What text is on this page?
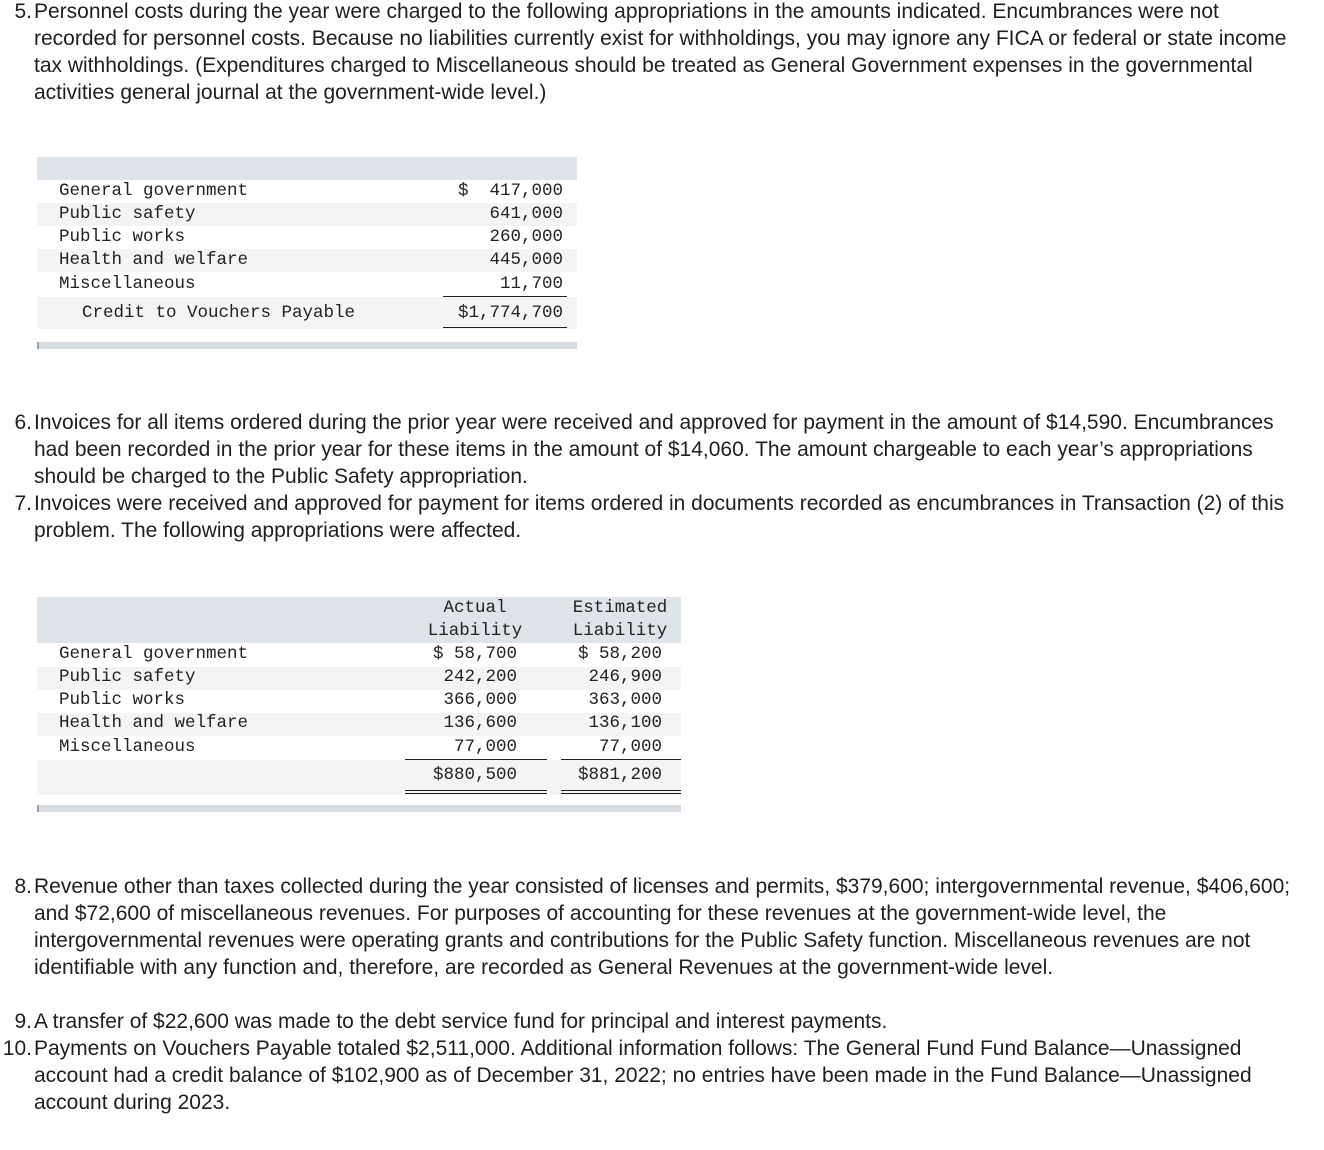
5. Personnel costs during the year were charged to the following appropriations in the amounts indicated. Encumbrances were not recorded for personnel costs. Because no liabilities currently exist for withholdings, you may ignore any FICA or federal or state income tax withholdings. (Expenditures charged to Miscellaneous should be treated as General Government expenses in the governmental activities general journal at the government-wide level.)
General government
Public safety
Public works
Health and welfare
Miscellaneous
Credit to Vouchers Payable
$  417,000
641,000
260,000
445,000
11,700
$1,774,700
6. Invoices for all items ordered during the prior year were received and approved for payment in the amount of $14,590. Encumbrances had been recorded in the prior year for these items in the amount of $14,060. The amount chargeable to each year’s appropriations should be charged to the Public Safety appropriation.
7. Invoices were received and approved for payment for items ordered in documents recorded as encumbrances in Transaction (2) of this problem. The following appropriations were affected.
Actual
Liability
Estimated
Liability
General government
Public safety
Public works
Health and welfare
Miscellaneous
$ 58,700
242,200
366,000
136,600
77,000
$ 58,200
246,900
363,000
136,100
77,000
$880,500	$881,200
8. Revenue other than taxes collected during the year consisted of licenses and permits, $379,600; intergovernmental revenue, $406,600; and $72,600 of miscellaneous revenues. For purposes of accounting for these revenues at the government-wide level, the intergovernmental revenues were operating grants and contributions for the Public Safety function. Miscellaneous revenues are not identifiable with any function and, therefore, are recorded as General Revenues at the government-wide level.
9. A transfer of $22,600 was made to the debt service fund for principal and interest payments.
10. Payments on Vouchers Payable totaled $2,511,000. Additional information follows: The General Fund Fund Balance—Unassigned account had a credit balance of $102,900 as of December 31, 2022; no entries have been made in the Fund Balance—Unassigned account during 2023.
